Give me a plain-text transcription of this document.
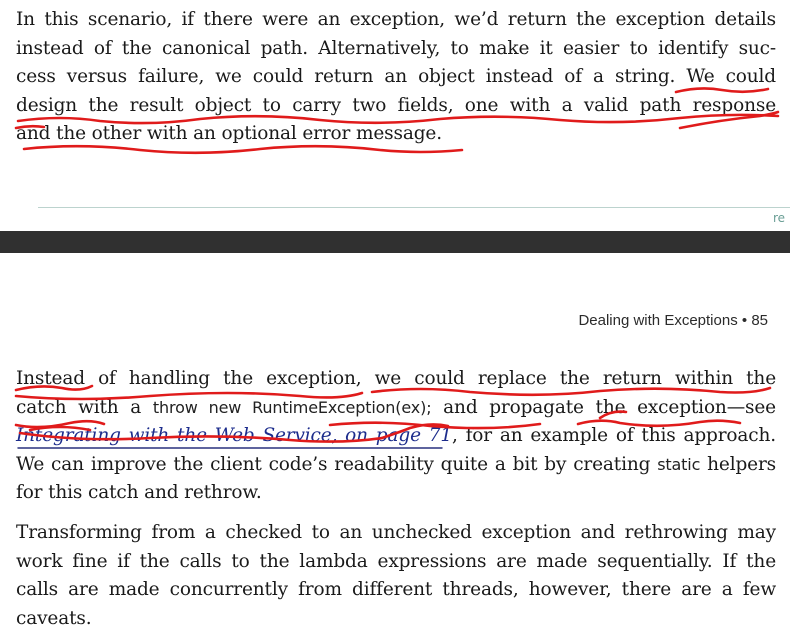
In this scenario, if there were an exception, we’d return the exception details
instead of the canonical path. Alternatively, to make it easier to identify suc-
cess versus failure, we could return an object instead of a string. We could
design the result object to carry two fields, one with a valid path response
and the other with an optional error message.
re
Dealing with Exceptions • 85
Instead of handling the exception, we could replace the return within the
catch with a throw new RuntimeException(ex); and propagate the exception—see
Integrating with the Web Service, on page 71, for an example of this approach.
We can improve the client code’s readability quite a bit by creating static helpers
for this catch and rethrow.
Transforming from a checked to an unchecked exception and rethrowing may
work fine if the calls to the lambda expressions are made sequentially. If the
calls are made concurrently from different threads, however, there are a few
caveats.
